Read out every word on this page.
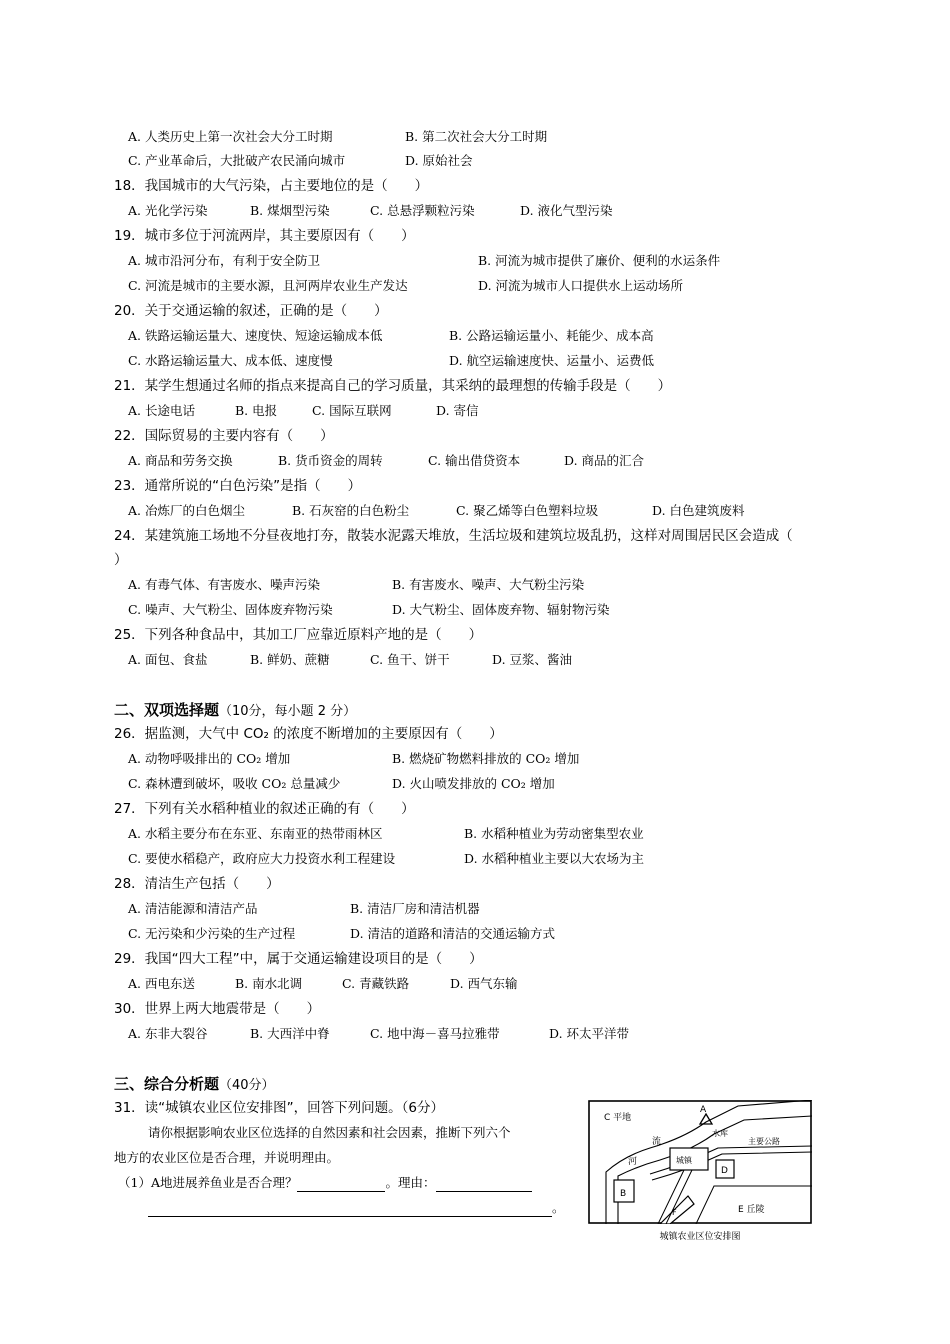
A. 人类历史上第一次社会大分工时期	B. 第二次社会大分工时期
C. 产业革命后，大批破产农民涌向城市	D. 原始社会
18．我国城市的大气污染，占主要地位的是（　　）
A. 光化学污染	B. 煤烟型污染	C. 总悬浮颗粒污染	D. 液化气型污染
19．城市多位于河流两岸，其主要原因有（　　）
A. 城市沿河分布，有利于安全防卫	B. 河流为城市提供了廉价、便利的水运条件
C. 河流是城市的主要水源，且河两岸农业生产发达	D. 河流为城市人口提供水上运动场所
20．关于交通运输的叙述，正确的是（　　）
A. 铁路运输运量大、速度快、短途运输成本低	B. 公路运输运量小、耗能少、成本高
C. 水路运输运量大、成本低、速度慢	D. 航空运输速度快、运量小、运费低
21．某学生想通过名师的指点来提高自己的学习质量，其采纳的最理想的传输手段是（　　）
A. 长途电话	B. 电报	C. 国际互联网	D. 寄信
22．国际贸易的主要内容有（　　）
A. 商品和劳务交换	B. 货币资金的周转	C. 输出借贷资本	D. 商品的汇合
23．通常所说的“白色污染”是指（　　）
A. 冶炼厂的白色烟尘	B. 石灰窑的白色粉尘	C. 聚乙烯等白色塑料垃圾	D. 白色建筑废料
24．某建筑施工场地不分昼夜地打夯，散装水泥露天堆放，生活垃圾和建筑垃圾乱扔，这样对周围居民区会造成（
）
A. 有毒气体、有害废水、噪声污染	B. 有害废水、噪声、大气粉尘污染
C. 噪声、大气粉尘、固体废弃物污染	D. 大气粉尘、固体废弃物、辐射物污染
25．下列各种食品中，其加工厂应靠近原料产地的是（　　）
A. 面包、食盐	B. 鲜奶、蔗糖	C. 鱼干、饼干	D. 豆浆、酱油
二、双项选择题（10分，每小题 2 分）
26．据监测，大气中 CO₂ 的浓度不断增加的主要原因有（　　）
A. 动物呼吸排出的 CO₂ 增加	B. 燃烧矿物燃料排放的 CO₂ 增加
C. 森林遭到破坏，吸收 CO₂ 总量减少	D. 火山喷发排放的 CO₂ 增加
27．下列有关水稻种植业的叙述正确的有（　　）
A. 水稻主要分布在东亚、东南亚的热带雨林区	B. 水稻种植业为劳动密集型农业
C. 要使水稻稳产，政府应大力投资水利工程建设	D. 水稻种植业主要以大农场为主
28．清洁生产包括（　　）
A. 清洁能源和清洁产品	B. 清洁厂房和清洁机器
C. 无污染和少污染的生产过程	D. 清洁的道路和清洁的交通运输方式
29．我国“四大工程”中，属于交通运输建设项目的是（　　）
A. 西电东送	B. 南水北调	C. 青藏铁路	D. 西气东输
30．世界上两大地震带是（　　）
A. 东非大裂谷	B. 大西洋中脊	C. 地中海－喜马拉雅带	D. 环太平洋带
三、综合分析题（40分）
31．读“城镇农业区位安排图”，回答下列问题。（6分）
请你根据影响农业区位选择的自然因素和社会因素，推断下列六个
地方的农业区位是否合理，并说明理由。
（1）A地进展养鱼业是否合理？	。理由：
。
C 平地
A
水库
主要公路
流
河	城镇
D
B
F	E 丘陵
城镇农业区位安排图
